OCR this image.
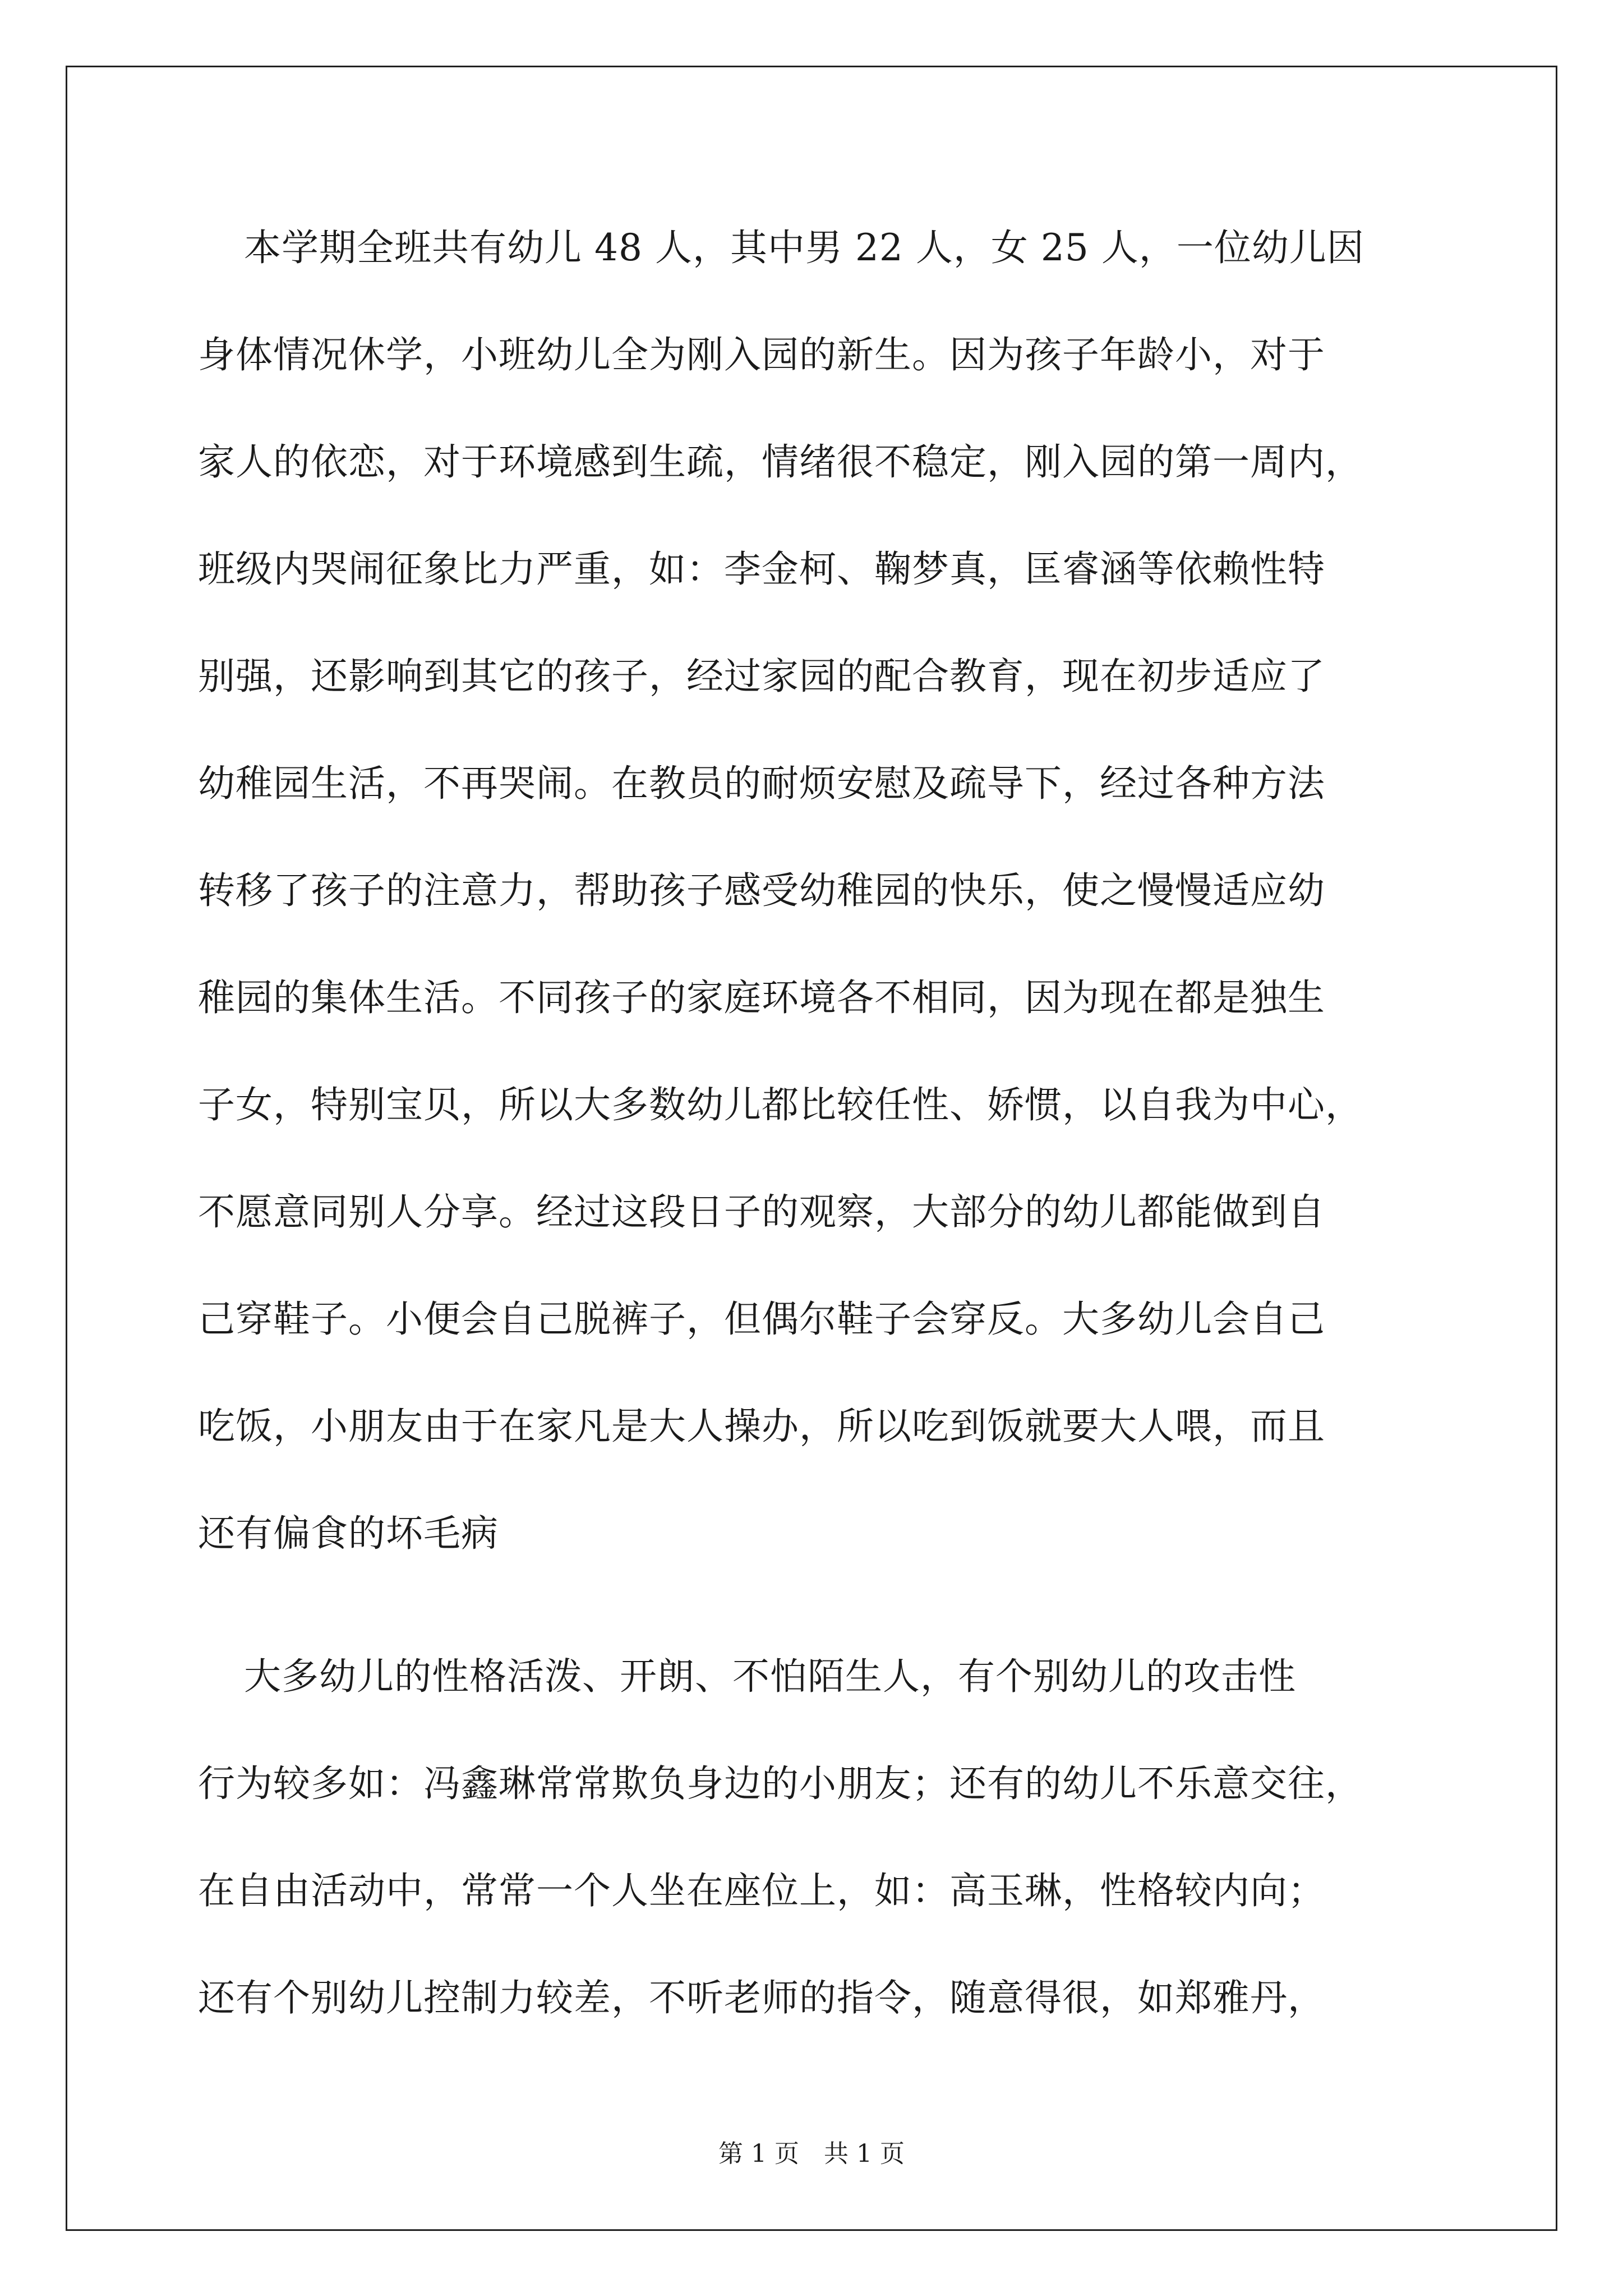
本学期全班共有幼儿 48 人，其中男 22 人，女 25 人，一位幼儿因
身体情况休学，小班幼儿全为刚入园的新生。因为孩子年龄小，对于
家人的依恋，对于环境感到生疏，情绪很不稳定，刚入园的第一周内，
班级内哭闹征象比力严重，如：李金柯、鞠梦真，匡睿涵等依赖性特
别强，还影响到其它的孩子，经过家园的配合教育，现在初步适应了
幼稚园生活，不再哭闹。在教员的耐烦安慰及疏导下，经过各种方法
转移了孩子的注意力，帮助孩子感受幼稚园的快乐，使之慢慢适应幼
稚园的集体生活。不同孩子的家庭环境各不相同，因为现在都是独生
子女，特别宝贝，所以大多数幼儿都比较任性、娇惯，以自我为中心，
不愿意同别人分享。经过这段日子的观察，大部分的幼儿都能做到自
己穿鞋子。小便会自己脱裤子，但偶尔鞋子会穿反。大多幼儿会自己
吃饭，小朋友由于在家凡是大人操办，所以吃到饭就要大人喂，而且
还有偏食的坏毛病
大多幼儿的性格活泼、开朗、不怕陌生人，有个别幼儿的攻击性
行为较多如：冯鑫琳常常欺负身边的小朋友；还有的幼儿不乐意交往，
在自由活动中，常常一个人坐在座位上，如：高玉琳，性格较内向；
还有个别幼儿控制力较差，不听老师的指令，随意得很，如郑雅丹，
第 1 页　共 1 页
